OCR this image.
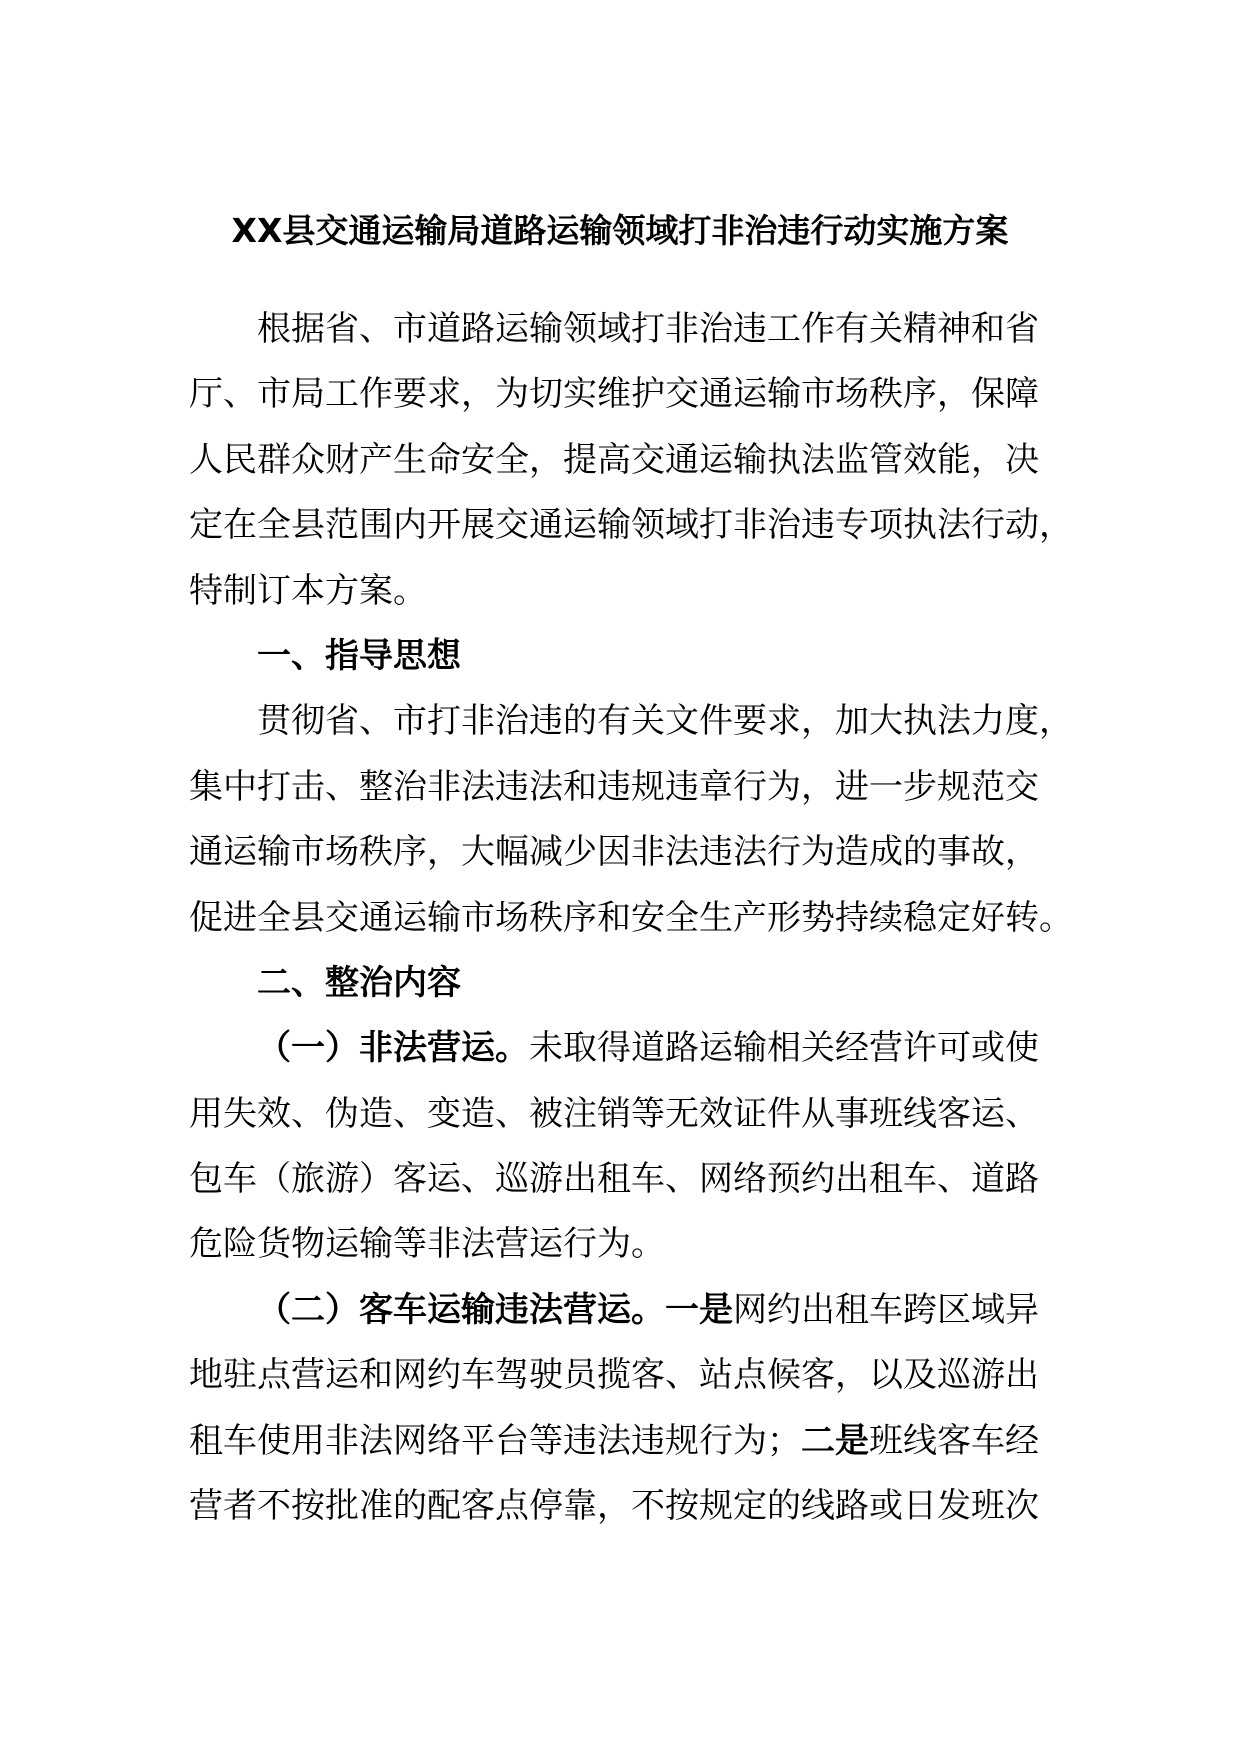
XX县交通运输局道路运输领域打非治违行动实施方案
根据省、市道路运输领域打非治违工作有关精神和省
厅、市局工作要求，为切实维护交通运输市场秩序，保障
人民群众财产生命安全，提高交通运输执法监管效能，决
定在全县范围内开展交通运输领域打非治违专项执法行动，
特制订本方案。
一、指导思想
贯彻省、市打非治违的有关文件要求，加大执法力度，
集中打击、整治非法违法和违规违章行为，进一步规范交
通运输市场秩序，大幅减少因非法违法行为造成的事故，
促进全县交通运输市场秩序和安全生产形势持续稳定好转。
二、整治内容
（一）非法营运。未取得道路运输相关经营许可或使
用失效、伪造、变造、被注销等无效证件从事班线客运、
包车（旅游）客运、巡游出租车、网络预约出租车、道路
危险货物运输等非法营运行为。
（二）客车运输违法营运。一是网约出租车跨区域异
地驻点营运和网约车驾驶员揽客、站点候客，以及巡游出
租车使用非法网络平台等违法违规行为；二是班线客车经
营者不按批准的配客点停靠，不按规定的线路或日发班次
